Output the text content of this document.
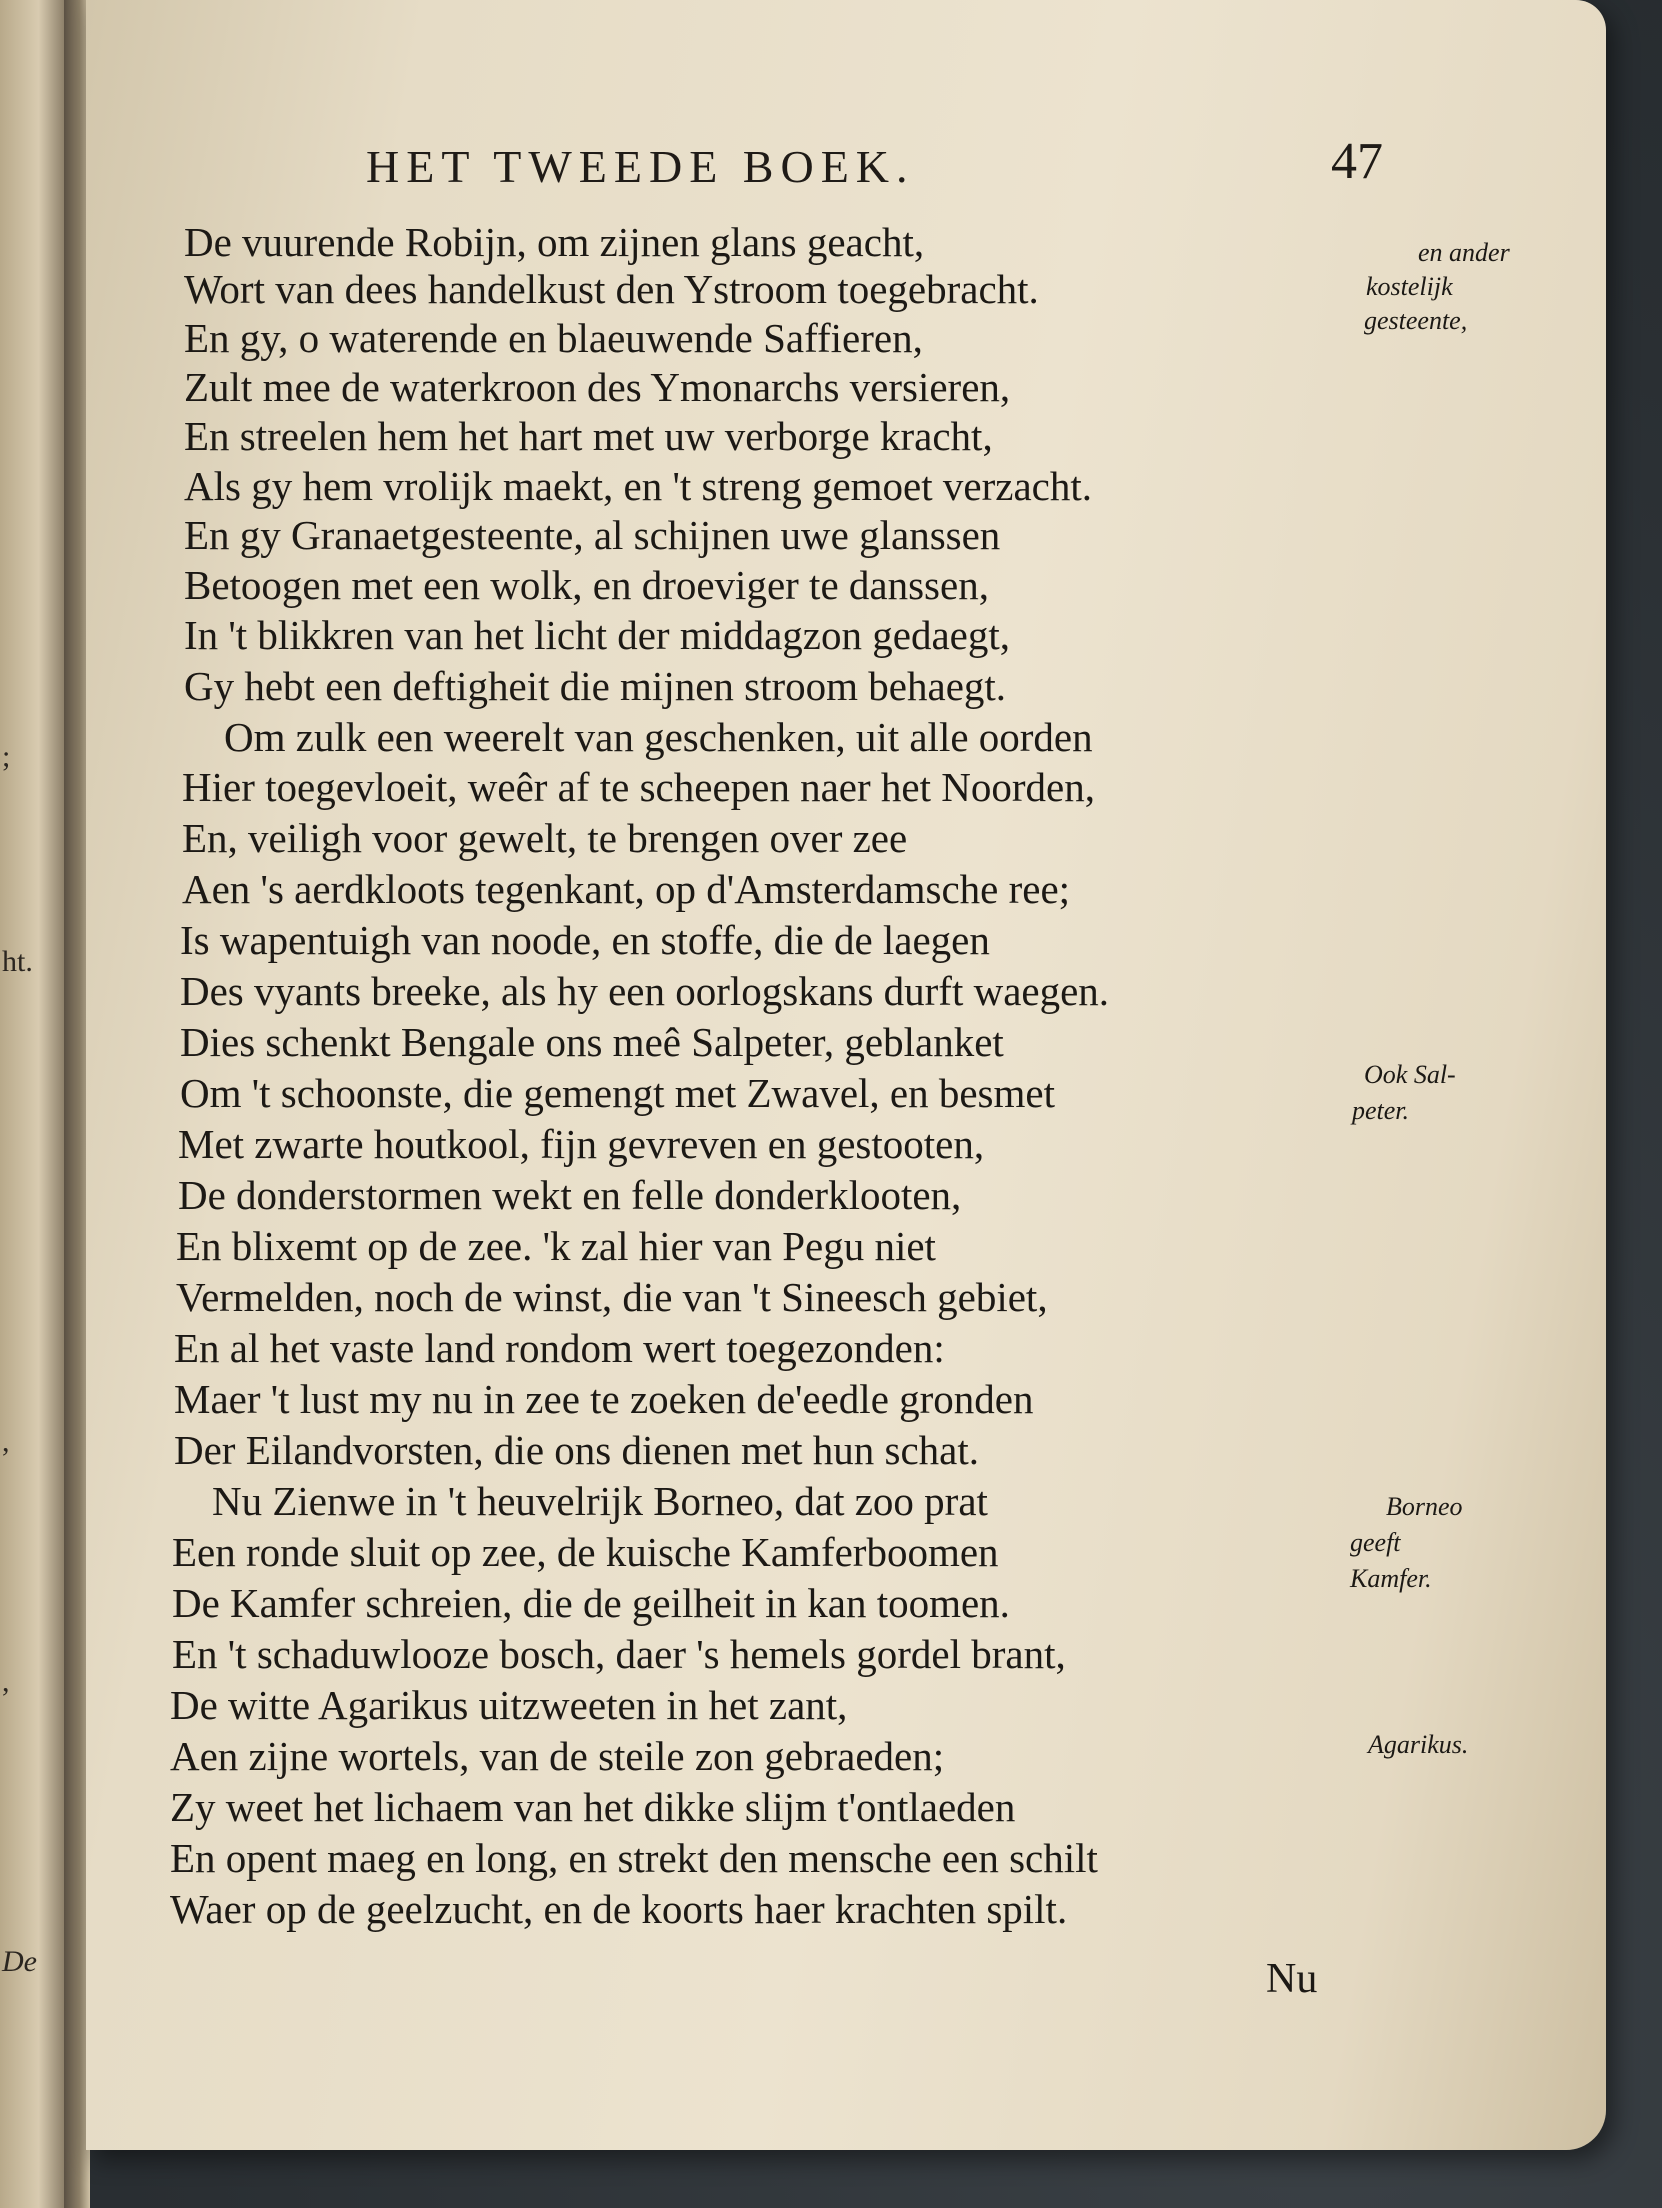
;
ht.
,
,
De
HET TWEEDE BOEK.	47
De vuurende Robijn, om zijnen glans geacht,
Wort van dees handelkust den Ystroom toegebracht.
En gy, o waterende en blaeuwende Saffieren,
Zult mee de waterkroon des Ymonarchs versieren,
En streelen hem het hart met uw verborge kracht,
Als gy hem vrolijk maekt, en 't streng gemoet verzacht.
En gy Granaetgesteente, al schijnen uwe glanssen
Betoogen met een wolk, en droeviger te danssen,
In 't blikkren van het licht der middagzon gedaegt,
Gy hebt een deftigheit die mijnen stroom behaegt.
Om zulk een weerelt van geschenken, uit alle oorden
Hier toegevloeit, weêr af te scheepen naer het Noorden,
En, veiligh voor gewelt, te brengen over zee
Aen 's aerdkloots tegenkant, op d'Amsterdamsche ree;
Is wapentuigh van noode, en stoffe, die de laegen
Des vyants breeke, als hy een oorlogskans durft waegen.
Dies schenkt Bengale ons meê Salpeter, geblanket
Om 't schoonste, die gemengt met Zwavel, en besmet
Met zwarte houtkool, fijn gevreven en gestooten,
De donderstormen wekt en felle donderklooten,
En blixemt op de zee. 'k zal hier van Pegu niet
Vermelden, noch de winst, die van 't Sineesch gebiet,
En al het vaste land rondom wert toegezonden:
Maer 't lust my nu in zee te zoeken de'eedle gronden
Der Eilandvorsten, die ons dienen met hun schat.
Nu Zienwe in 't heuvelrijk Borneo, dat zoo prat
Een ronde sluit op zee, de kuische Kamferboomen
De Kamfer schreien, die de geilheit in kan toomen.
En 't schaduwlooze bosch, daer 's hemels gordel brant,
De witte Agarikus uitzweeten in het zant,
Aen zijne wortels, van de steile zon gebraeden;
Zy weet het lichaem van het dikke slijm t'ontlaeden
En opent maeg en long, en strekt den mensche een schilt
Waer op de geelzucht, en de koorts haer krachten spilt.
en ander
kostelijk
gesteente,
Ook Sal-
peter.
Borneo
geeft
Kamfer.
Agarikus.
Nu
